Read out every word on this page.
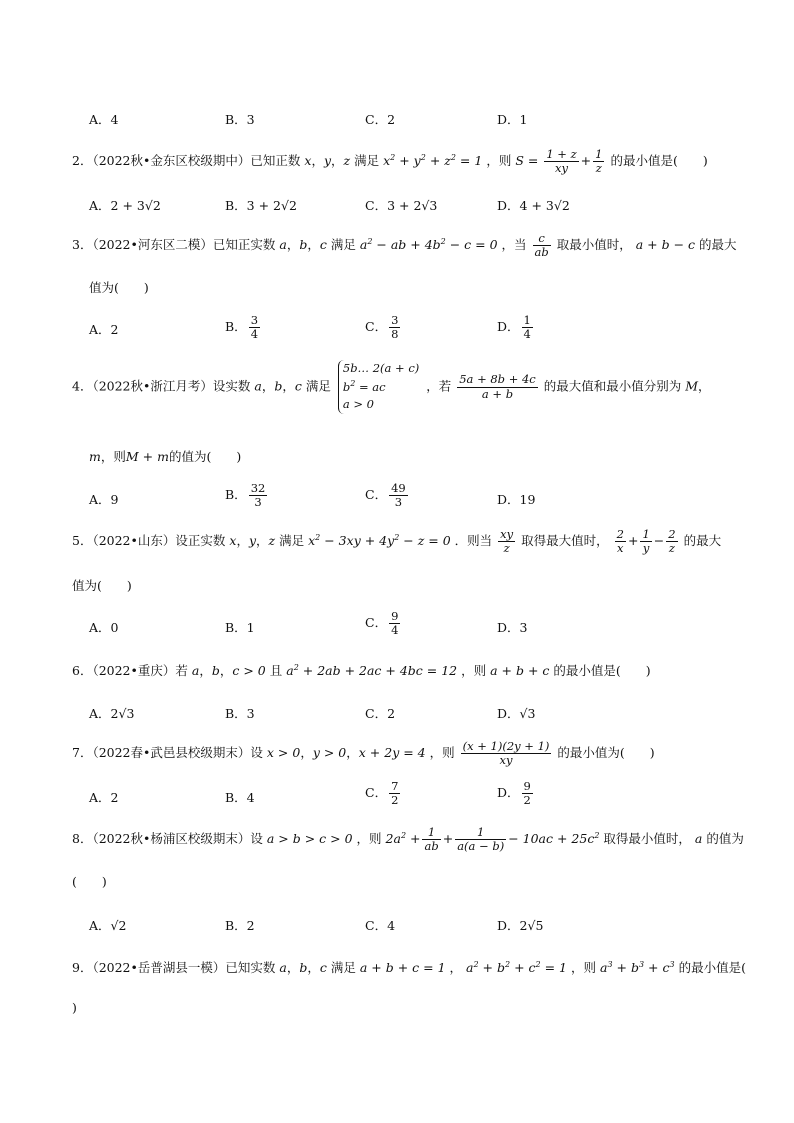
A．4	B．3	C．2	D．1
2．（2022秋•金东区校级期中）已知正数 x，y，z 满足 $x^2 + y^2 + z^2 = 1$ ，则 $S = \frac{1 + z}{xy} + \frac{1}{z}$ 的最小值是(　　)
A．2 + 3√2	B．3 + 2√2	C．3 + 2√3	D．4 + 3√2
3．（2022•河东区二模）已知正实数 a，b，c 满足 $a^2$ − ab + $4b^2 - c = 0$ ，当 $\frac{c}{ab}$ 取最小值时， a + b − c 的最大
值为(　　)
A．2	B． $\frac{3}{4}$	C． $\frac{3}{8}$	D． $\frac{1}{4}$
4．（2022秋•浙江月考）设实数 a，b，c 满足
5b… 2(a + c)
$b^2$ = ac
a > 0
，若 $\frac{5a + 8b + 4c}{a + b}$ 的最大值和最小值分别为 M，
m，则M + m的值为(　　)
A．9	B． $\frac{32}{3}$	C． $\frac{49}{3}$	D．19
5．（2022•山东）设正实数 x，y，z 满足 $x^2 - 3xy + 4y^2 - z = 0$ ．则当 $\frac{xy}{z}$ 取得最大值时， $\frac{2}{x} + \frac{1}{y} - \frac{2}{z}$ 的最大
值为(　　)
A．0	B．1	C． $\frac{9}{4}$	D．3
6．（2022•重庆）若 a，b，c > 0 且 $a^2 + 2ab + 2ac + 4bc = 12$ ，则 a + b + c 的最小值是(　　)
A．2√3	B．3	C．2	D．√3
7．（2022春•武邑县校级期末）设 x > 0，y > 0，x + 2y = 4 ，则 $\frac{(x + 1)(2y + 1)}{xy}$ 的最小值为(　　)
A．2	B．4	C． $\frac{7}{2}$	D． $\frac{9}{2}$
8．（2022秋•杨浦区校级期末）设 a > b > c > 0 ，则 $2a^2 + \frac{1}{ab} + \frac{1}{a(a - b)} - 10ac + 25c^2$ 取得最小值时， a 的值为
(　　)
A．√2	B．2	C．4	D．2√5
9．（2022•岳普湖县一模）已知实数 a，b，c 满足 a + b + c = 1 ， $a^2 + b^2 + c^2 = 1$ ，则 $a^3 + b^3 + c^3$ 的最小值是(
)
